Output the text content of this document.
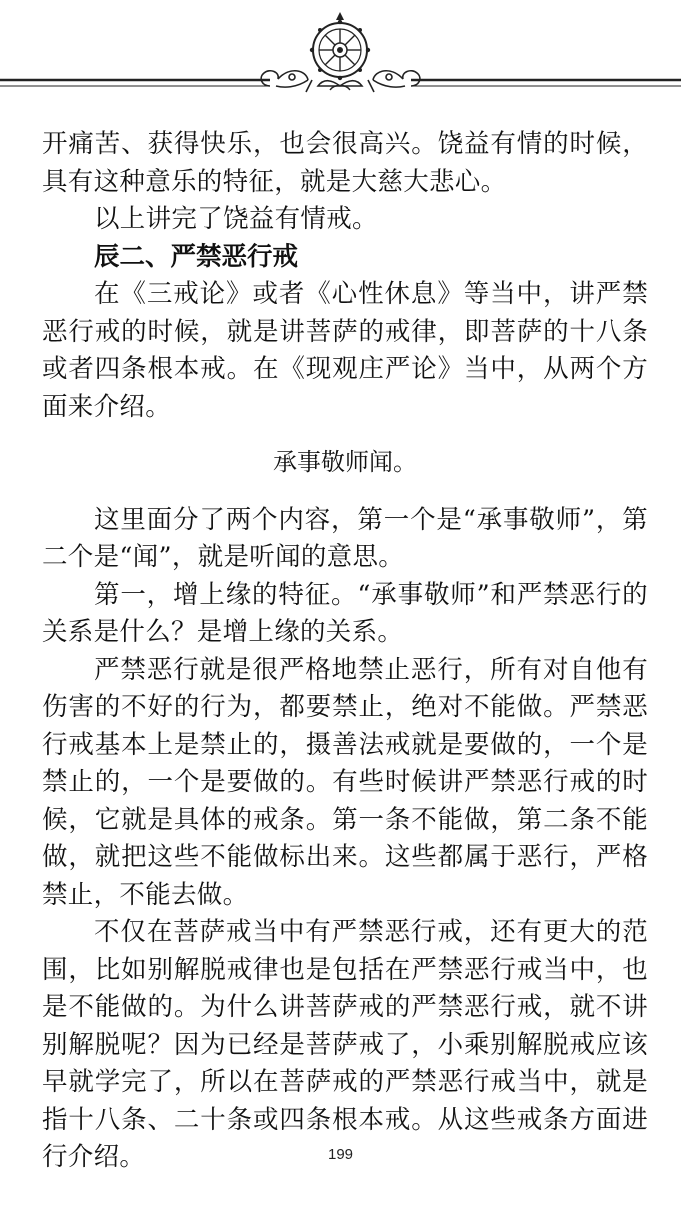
开痛苦、获得快乐，也会很高兴。饶益有情的时候，具有这种意乐的特征，就是大慈大悲心。

以上讲完了饶益有情戒。

辰二、严禁恶行戒

在《三戒论》或者《心性休息》等当中，讲严禁恶行戒的时候，就是讲菩萨的戒律，即菩萨的十八条或者四条根本戒。在《现观庄严论》当中，从两个方面来介绍。

承事敬师闻。

这里面分了两个内容，第一个是“承事敬师”，第二个是“闻”，就是听闻的意思。

第一，增上缘的特征。“承事敬师”和严禁恶行的关系是什么？是增上缘的关系。

严禁恶行就是很严格地禁止恶行，所有对自他有伤害的不好的行为，都要禁止，绝对不能做。严禁恶行戒基本上是禁止的，摄善法戒就是要做的，一个是禁止的，一个是要做的。有些时候讲严禁恶行戒的时候，它就是具体的戒条。第一条不能做，第二条不能做，就把这些不能做标出来。这些都属于恶行，严格禁止，不能去做。

不仅在菩萨戒当中有严禁恶行戒，还有更大的范围，比如别解脱戒律也是包括在严禁恶行戒当中，也是不能做的。为什么讲菩萨戒的严禁恶行戒，就不讲别解脱呢？因为已经是菩萨戒了，小乘别解脱戒应该早就学完了，所以在菩萨戒的严禁恶行戒当中，就是指十八条、二十条或四条根本戒。从这些戒条方面进行介绍。	199
